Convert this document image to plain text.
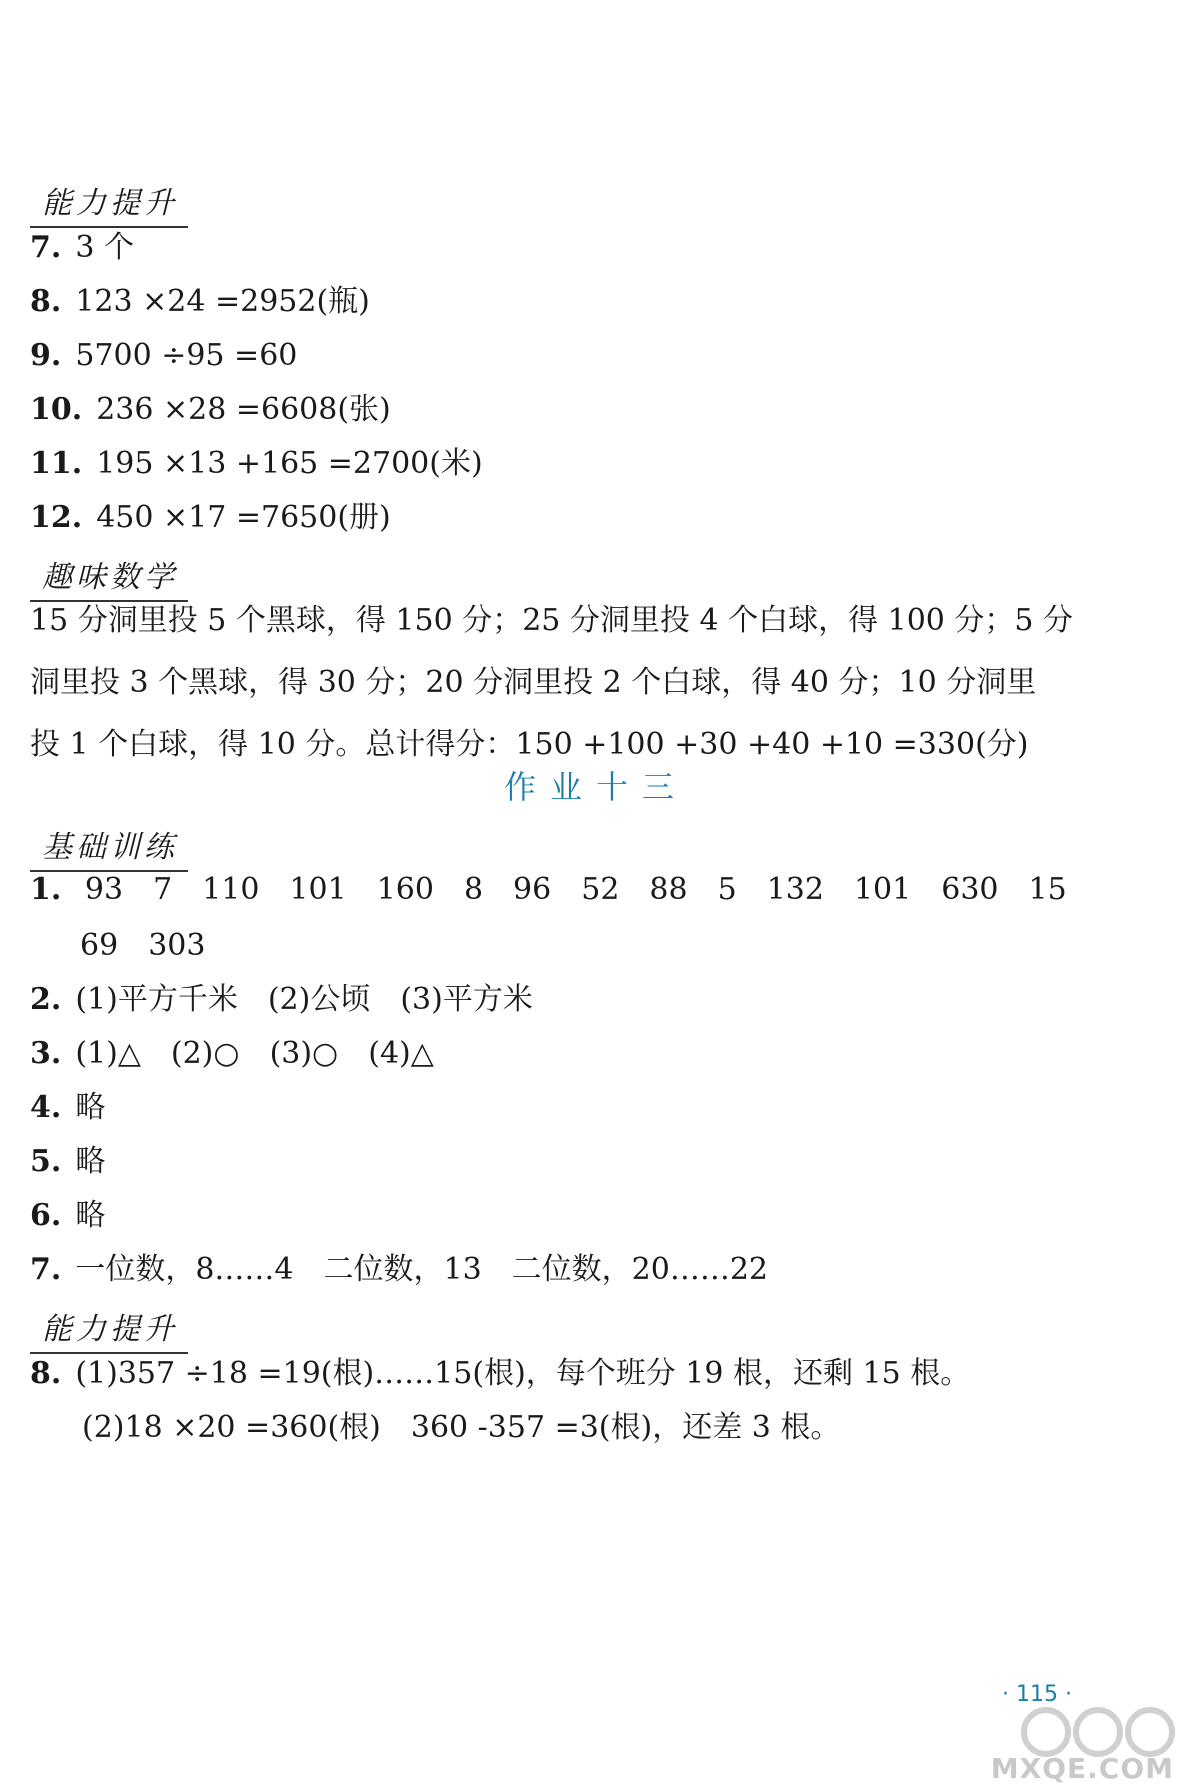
能力提升
7. 3 个
8. 123 ×24 =2952(瓶)
9. 5700 ÷95 =60
10. 236 ×28 =6608(张)
11. 195 ×13 +165 =2700(米)
12. 450 ×17 =7650(册)
趣味数学
15 分洞里投 5 个黑球，得 150 分；25 分洞里投 4 个白球，得 100 分；5 分
洞里投 3 个黑球，得 30 分；20 分洞里投 2 个白球，得 40 分；10 分洞里
投 1 个白球，得 10 分。总计得分：150 +100 +30 +40 +10 =330(分)
作业十三
基础训练
1. 93 7 110 101 160 8 96 52 88 5 132 101 630 15
69 303
2. (1)平方千米　(2)公顷　(3)平方米
3. (1)△　(2)○　(3)○　(4)△
4. 略
5. 略
6. 略
7. 一位数，8……4　二位数，13　二位数，20……22
能力提升
8. (1)357 ÷18 =19(根)……15(根)，每个班分 19 根，还剩 15 根。
(2)18 ×20 =360(根)　360 -357 =3(根)，还差 3 根。
· 115 ·
MXQE.COM
